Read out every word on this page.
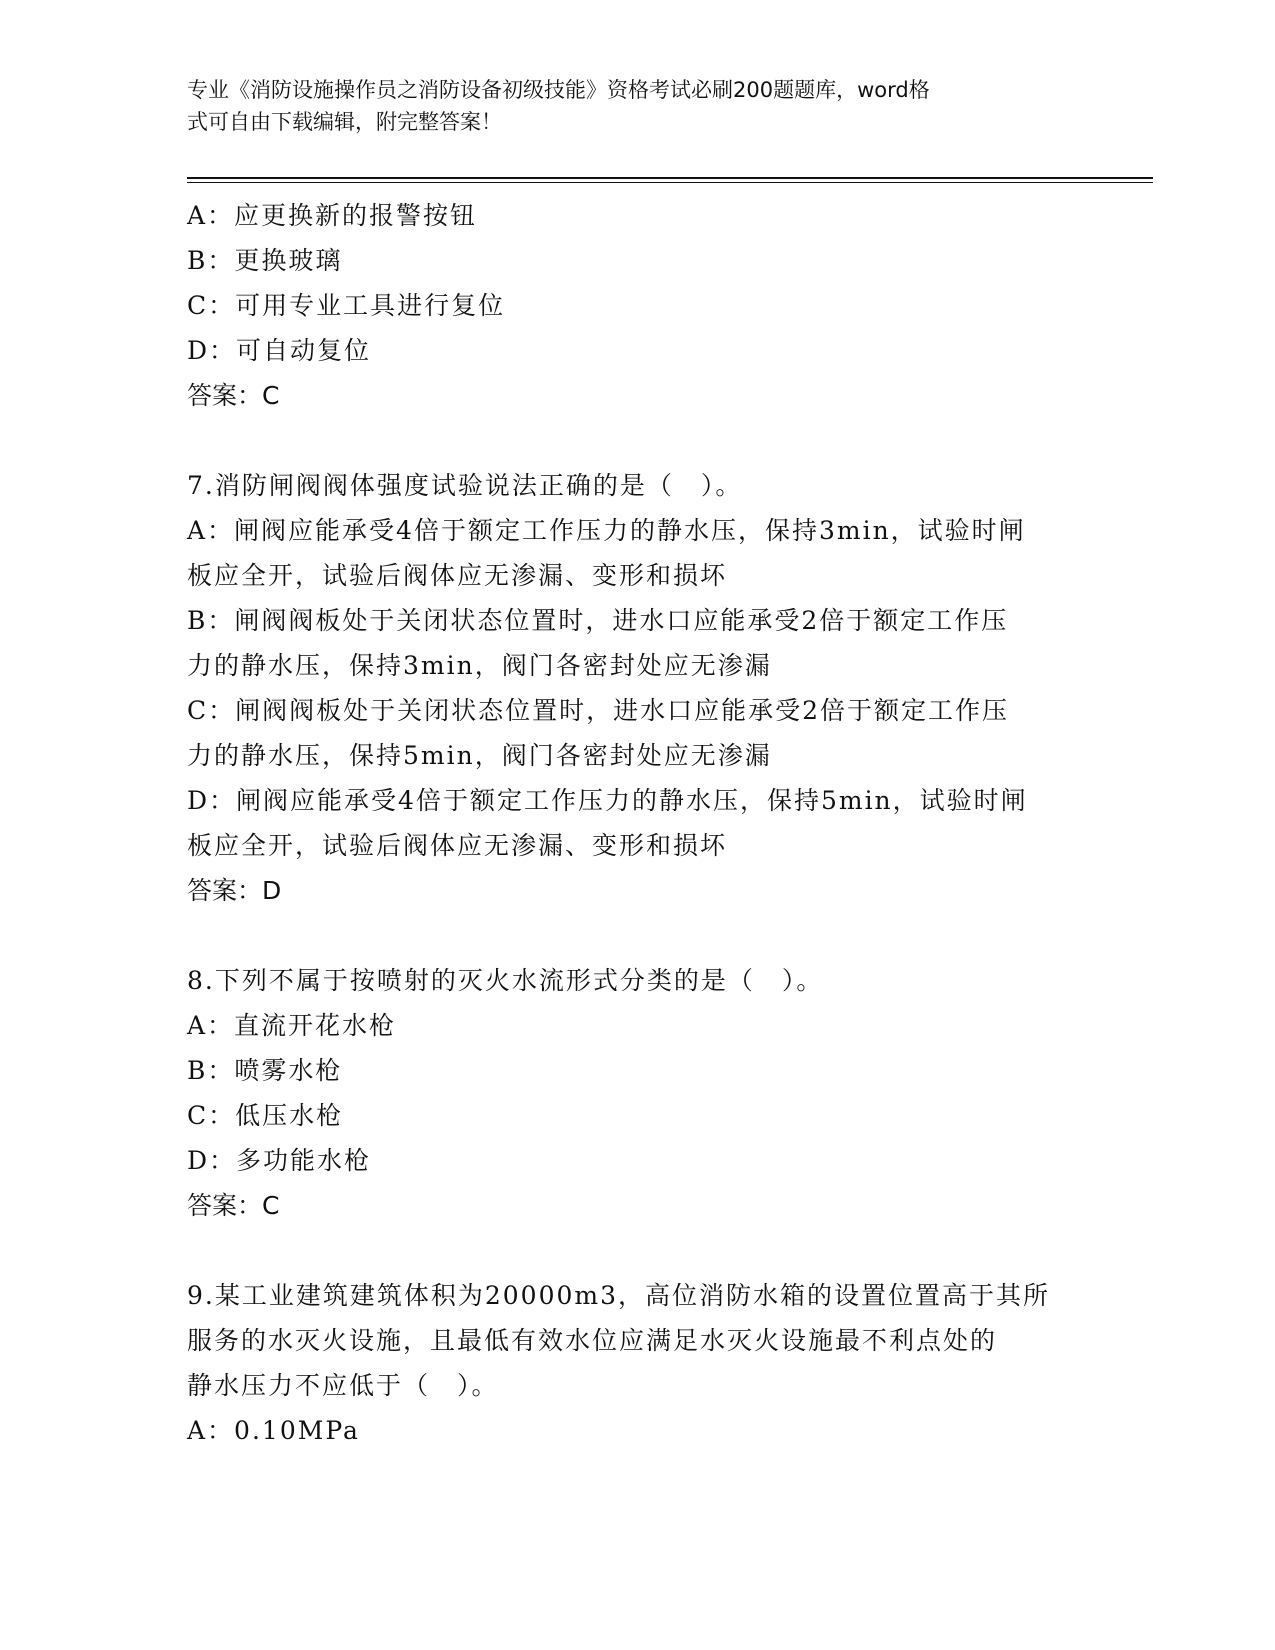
专业《消防设施操作员之消防设备初级技能》资格考试必刷200题题库，word格
式可自由下载编辑，附完整答案！
A：应更换新的报警按钮
B：更换玻璃
C：可用专业工具进行复位
D：可自动复位
答案：C
7.消防闸阀阀体强度试验说法正确的是（　）。
A：闸阀应能承受4倍于额定工作压力的静水压，保持3min，试验时闸
板应全开，试验后阀体应无渗漏、变形和损坏
B：闸阀阀板处于关闭状态位置时，进水口应能承受2倍于额定工作压
力的静水压，保持3min，阀门各密封处应无渗漏
C：闸阀阀板处于关闭状态位置时，进水口应能承受2倍于额定工作压
力的静水压，保持5min，阀门各密封处应无渗漏
D：闸阀应能承受4倍于额定工作压力的静水压，保持5min，试验时闸
板应全开，试验后阀体应无渗漏、变形和损坏
答案：D
8.下列不属于按喷射的灭火水流形式分类的是（　）。
A：直流开花水枪
B：喷雾水枪
C：低压水枪
D：多功能水枪
答案：C
9.某工业建筑建筑体积为20000m3，高位消防水箱的设置位置高于其所
服务的水灭火设施，且最低有效水位应满足水灭火设施最不利点处的
静水压力不应低于（　）。
A：0.10MPa
